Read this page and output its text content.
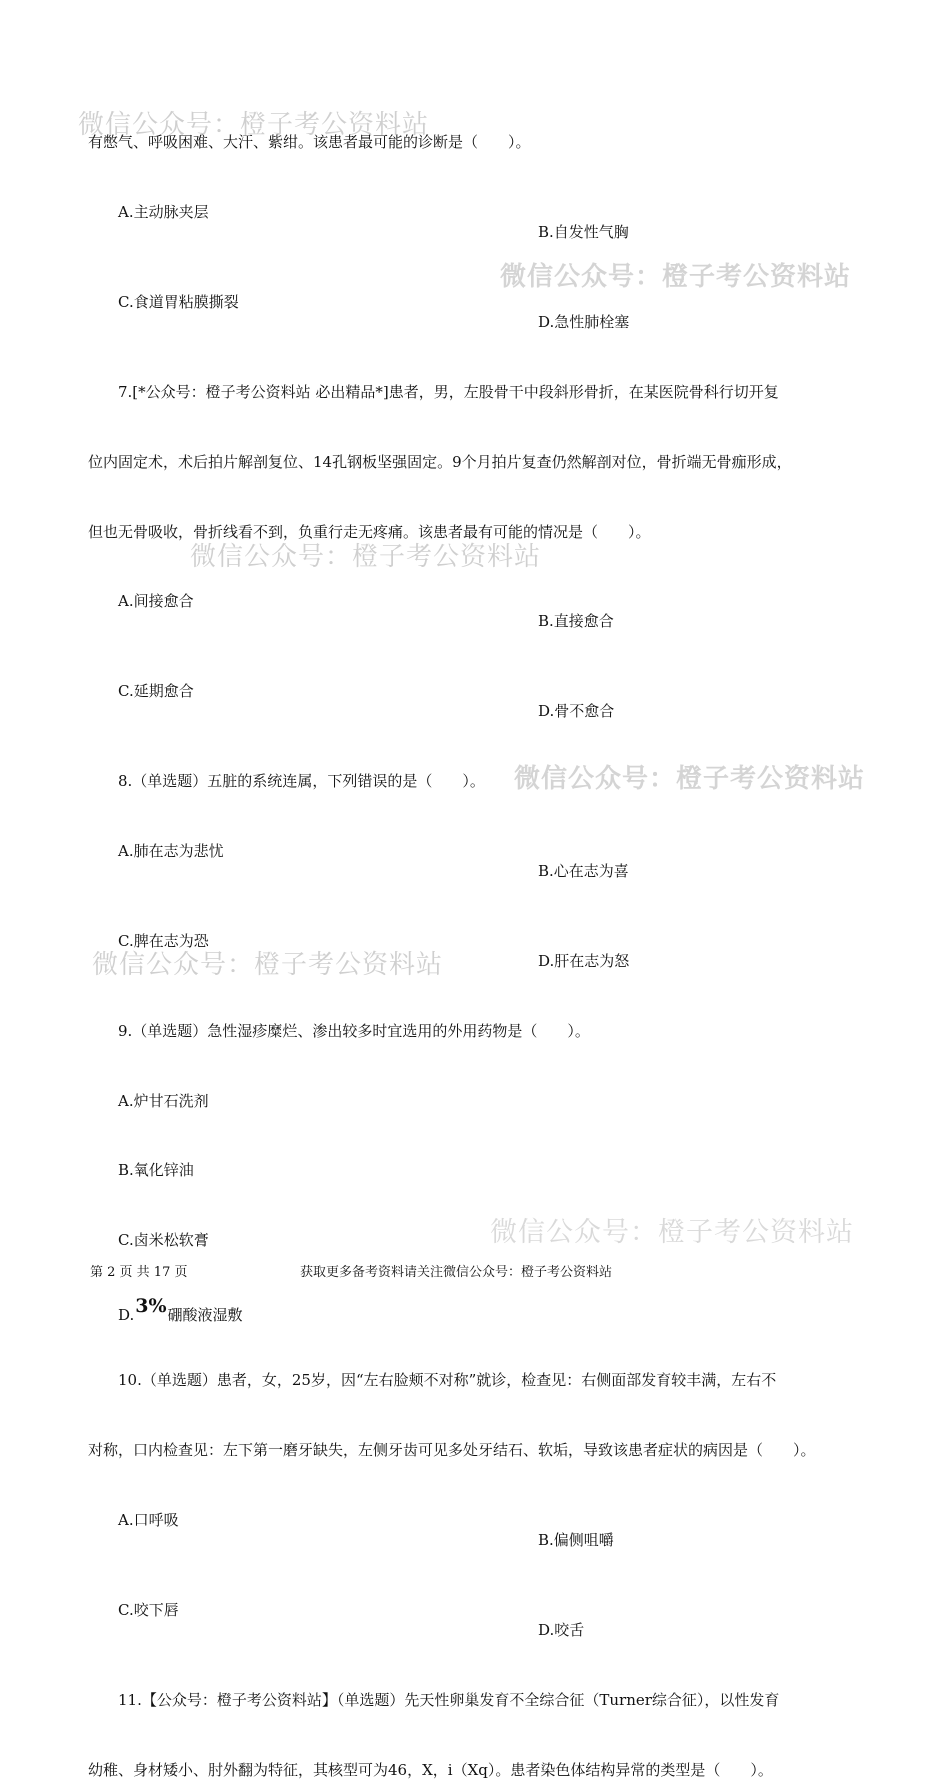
微信公众号：橙子考公资料站
微信公众号：橙子考公资料站
微信公众号：橙子考公资料站
微信公众号：橙子考公资料站
微信公众号：橙子考公资料站
微信公众号：橙子考公资料站
有憋气、呼吸困难、大汗、紫绀。该患者最可能的诊断是（　　）。
A.主动脉夹层
B.自发性气胸
C.食道胃粘膜撕裂
D.急性肺栓塞
7.[*公众号：橙子考公资料站 必出精品*]患者，男，左股骨干中段斜形骨折，在某医院骨科行切开复
位内固定术，术后拍片解剖复位、14孔钢板坚强固定。9个月拍片复查仍然解剖对位，骨折端无骨痂形成，
但也无骨吸收，骨折线看不到，负重行走无疼痛。该患者最有可能的情况是（　　）。
A.间接愈合
B.直接愈合
C.延期愈合
D.骨不愈合
8.（单选题）五脏的系统连属，下列错误的是（　　）。
A.肺在志为悲忧
B.心在志为喜
C.脾在志为恐
D.肝在志为怒
9.（单选题）急性湿疹糜烂、渗出较多时宜选用的外用药物是（　　）。
A.炉甘石洗剂
B.氧化锌油
C.卤米松软膏
D.3%硼酸液湿敷
10.（单选题）患者，女，25岁，因“左右脸颊不对称”就诊，检查见：右侧面部发育较丰满，左右不
对称，口内检查见：左下第一磨牙缺失，左侧牙齿可见多处牙结石、软垢，导致该患者症状的病因是（　　）。
A.口呼吸
B.偏侧咀嚼
C.咬下唇
D.咬舌
11.【公众号：橙子考公资料站】（单选题）先天性卵巢发育不全综合征（Turner综合征），以性发育
幼稚、身材矮小、肘外翻为特征，其核型可为46，X，i（Xq）。患者染色体结构异常的类型是（　　）。
第 2 页 共 17 页	获取更多备考资料请关注微信公众号：橙子考公资料站
